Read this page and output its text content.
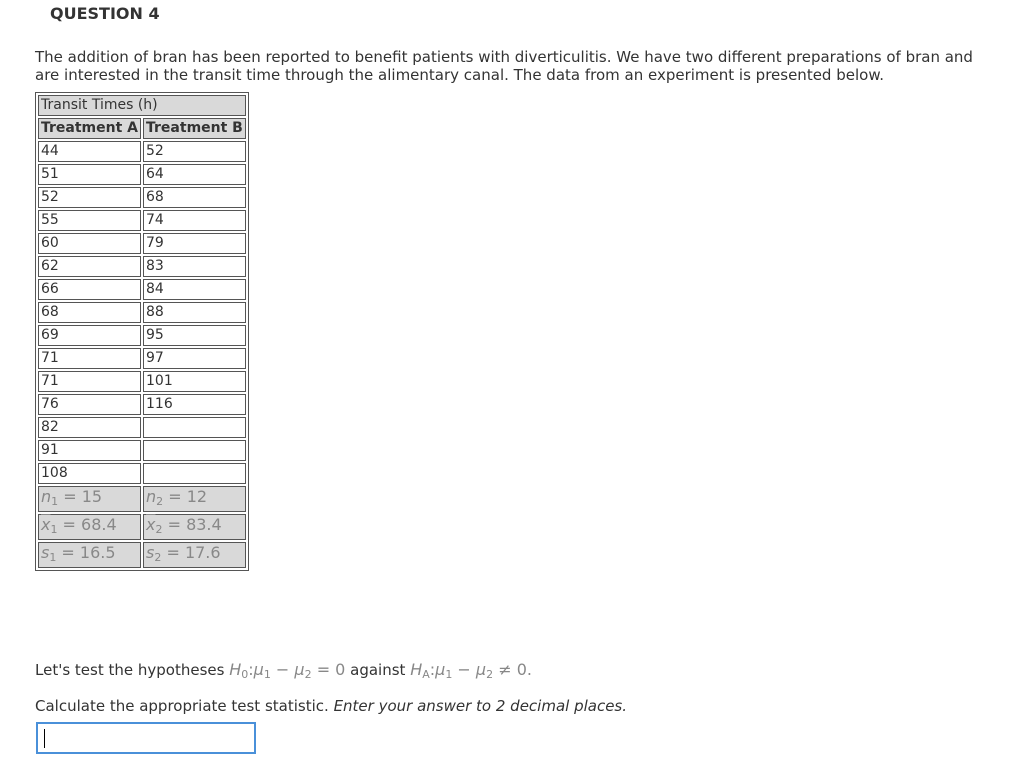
QUESTION 4
The addition of bran has been reported to benefit patients with diverticulitis. We have two different preparations of bran and are interested in the transit time through the alimentary canal. The data from an experiment is presented below.
Transit Times (h)	
Treatment A	Treatment B
44	52
51	64
52	68
55	74
60	79
62	83
66	84
68	88
69	95
71	97
71	101
76	116
82	
91	
108	
$n_1 = 15$	$n_2 = 12$
$\overline{x}_1 = 68.4$	$\overline{x}_2 = 83.4$
$s_1 = 16.5$	$s_2 = 17.6$
Let's test the hypotheses $H_0:\mu_1 - \mu_2 = 0$ against $H_A:\mu_1 - \mu_2 \ne 0$.
Calculate the appropriate test statistic. Enter your answer to 2 decimal places.
